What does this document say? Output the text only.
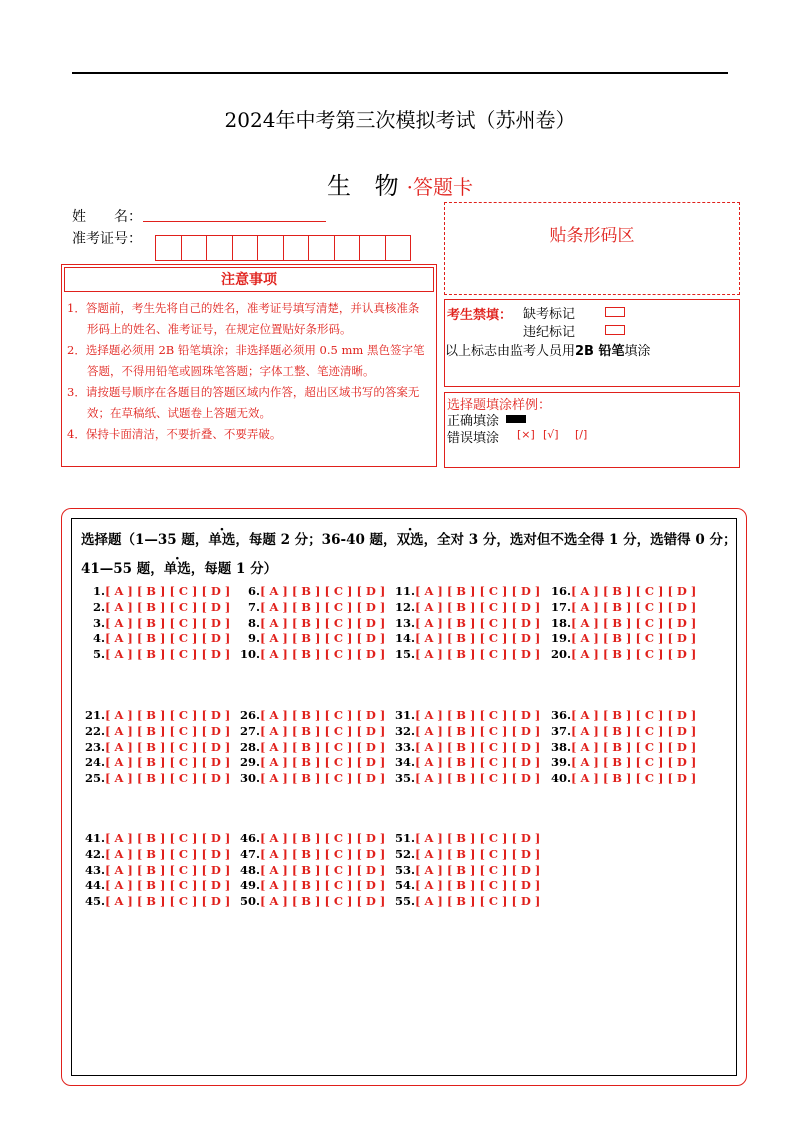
2024年中考第三次模拟考试（苏州卷）
生 物·答题卡
姓　　名：
准考证号：
注意事项
1．答题前，考生先将自己的姓名，准考证号填写清楚，并认真核准条形码上的姓名、准考证号，在规定位置贴好条形码。
2．选择题必须用 2B 铅笔填涂；非选择题必须用 0.5 mm 黑色签字笔答题，不得用铅笔或圆珠笔答题；字体工整、笔迹清晰。
3．请按题号顺序在各题目的答题区域内作答，超出区域书写的答案无效；在草稿纸、试题卷上答题无效。
4．保持卡面清洁，不要折叠、不要弄破。
贴条形码区
考生禁填： 缺考标记
违纪标记
以上标志由监考人员用2B 铅笔填涂
选择题填涂样例：
正确填涂
错误填涂 [×] [√] [/]
选择题（1—35 题，单选，每题 2 分；36-40 题，双选，全对 3 分，选对但不选全得 1 分，选错得 0 分；
41—55 题，单选，每题 1 分）
 1.[ A ] [ B ] [ C ] [ D ]
 2.[ A ] [ B ] [ C ] [ D ]
 3.[ A ] [ B ] [ C ] [ D ]
 4.[ A ] [ B ] [ C ] [ D ]
 5.[ A ] [ B ] [ C ] [ D ]
 6.[ A ] [ B ] [ C ] [ D ]
 7.[ A ] [ B ] [ C ] [ D ]
 8.[ A ] [ B ] [ C ] [ D ]
 9.[ A ] [ B ] [ C ] [ D ]
10.[ A ] [ B ] [ C ] [ D ]
11.[ A ] [ B ] [ C ] [ D ]
12.[ A ] [ B ] [ C ] [ D ]
13.[ A ] [ B ] [ C ] [ D ]
14.[ A ] [ B ] [ C ] [ D ]
15.[ A ] [ B ] [ C ] [ D ]
16.[ A ] [ B ] [ C ] [ D ]
17.[ A ] [ B ] [ C ] [ D ]
18.[ A ] [ B ] [ C ] [ D ]
19.[ A ] [ B ] [ C ] [ D ]
20.[ A ] [ B ] [ C ] [ D ]
21.[ A ] [ B ] [ C ] [ D ]
22.[ A ] [ B ] [ C ] [ D ]
23.[ A ] [ B ] [ C ] [ D ]
24.[ A ] [ B ] [ C ] [ D ]
25.[ A ] [ B ] [ C ] [ D ]
26.[ A ] [ B ] [ C ] [ D ]
27.[ A ] [ B ] [ C ] [ D ]
28.[ A ] [ B ] [ C ] [ D ]
29.[ A ] [ B ] [ C ] [ D ]
30.[ A ] [ B ] [ C ] [ D ]
31.[ A ] [ B ] [ C ] [ D ]
32.[ A ] [ B ] [ C ] [ D ]
33.[ A ] [ B ] [ C ] [ D ]
34.[ A ] [ B ] [ C ] [ D ]
35.[ A ] [ B ] [ C ] [ D ]
36.[ A ] [ B ] [ C ] [ D ]
37.[ A ] [ B ] [ C ] [ D ]
38.[ A ] [ B ] [ C ] [ D ]
39.[ A ] [ B ] [ C ] [ D ]
40.[ A ] [ B ] [ C ] [ D ]
41.[ A ] [ B ] [ C ] [ D ]
42.[ A ] [ B ] [ C ] [ D ]
43.[ A ] [ B ] [ C ] [ D ]
44.[ A ] [ B ] [ C ] [ D ]
45.[ A ] [ B ] [ C ] [ D ]
46.[ A ] [ B ] [ C ] [ D ]
47.[ A ] [ B ] [ C ] [ D ]
48.[ A ] [ B ] [ C ] [ D ]
49.[ A ] [ B ] [ C ] [ D ]
50.[ A ] [ B ] [ C ] [ D ]
51.[ A ] [ B ] [ C ] [ D ]
52.[ A ] [ B ] [ C ] [ D ]
53.[ A ] [ B ] [ C ] [ D ]
54.[ A ] [ B ] [ C ] [ D ]
55.[ A ] [ B ] [ C ] [ D ]
